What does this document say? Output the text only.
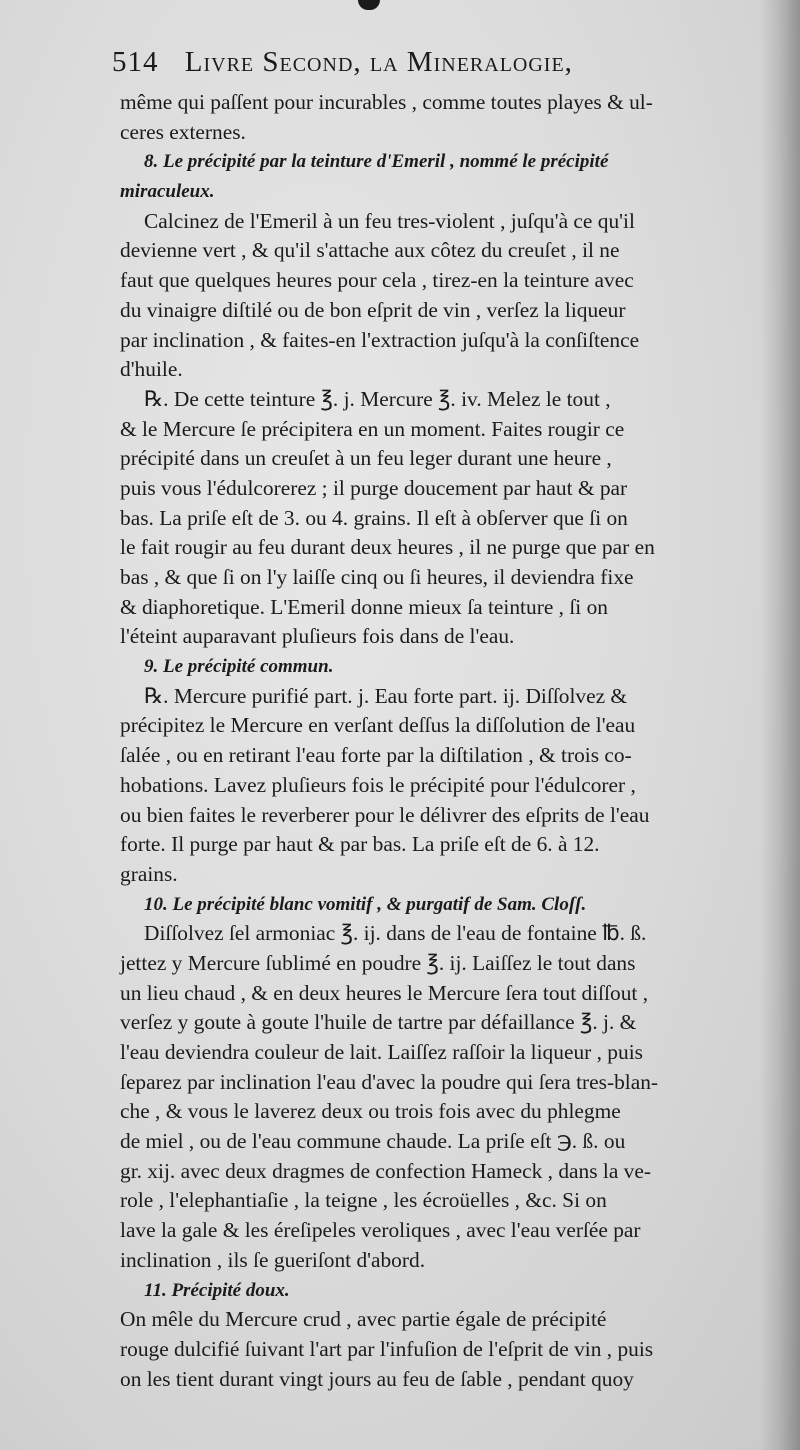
514 Livre Second, la Mineralogie,
même qui paſſent pour incurables , comme toutes playes & ul-
ceres externes.
8. Le précipité par la teinture d'Emeril , nommé le précipité
miraculeux.
Calcinez de l'Emeril à un feu tres-violent , juſqu'à ce qu'il
devienne vert , & qu'il s'attache aux côtez du creuſet , il ne
faut que quelques heures pour cela , tirez-en la teinture avec
du vinaigre diſtilé ou de bon eſprit de vin , verſez la liqueur
par inclination , & faites-en l'extraction juſqu'à la conſiſtence
d'huile.
℞. De cette teinture ℥. j. Mercure ℥. iv. Melez le tout ,
& le Mercure ſe précipitera en un moment. Faites rougir ce
précipité dans un creuſet à un feu leger durant une heure ,
puis vous l'édulcorerez ; il purge doucement par haut & par
bas. La priſe eſt de 3. ou 4. grains. Il eſt à obſerver que ſi on
le fait rougir au feu durant deux heures , il ne purge que par en
bas , & que ſi on l'y laiſſe cinq ou ſi heures, il deviendra fixe
& diaphoretique. L'Emeril donne mieux ſa teinture , ſi on
l'éteint auparavant pluſieurs fois dans de l'eau.
9. Le précipité commun.
℞. Mercure purifié part. j. Eau forte part. ij. Diſſolvez &
précipitez le Mercure en verſant deſſus la diſſolution de l'eau
ſalée , ou en retirant l'eau forte par la diſtilation , & trois co-
hobations. Lavez pluſieurs fois le précipité pour l'édulcorer ,
ou bien faites le reverberer pour le délivrer des eſprits de l'eau
forte. Il purge par haut & par bas. La priſe eſt de 6. à 12.
grains.
10. Le précipité blanc vomitif , & purgatif de Sam. Cloſſ.
Diſſolvez ſel armoniac ℥. ij. dans de l'eau de fontaine ℔. ß.
jettez y Mercure ſublimé en poudre ℥. ij. Laiſſez le tout dans
un lieu chaud , & en deux heures le Mercure ſera tout diſſout ,
verſez y goute à goute l'huile de tartre par défaillance ℥. j. &
l'eau deviendra couleur de lait. Laiſſez raſſoir la liqueur , puis
ſeparez par inclination l'eau d'avec la poudre qui ſera tres-blan-
che , & vous le laverez deux ou trois fois avec du phlegme
de miel , ou de l'eau commune chaude. La priſe eſt ℈. ß. ou
gr. xij. avec deux dragmes de confection Hameck , dans la ve-
role , l'elephantiaſie , la teigne , les écroüelles , &c. Si on
lave la gale & les éreſipeles veroliques , avec l'eau verſée par
inclination , ils ſe gueriſont d'abord.
11. Précipité doux.
On mêle du Mercure crud , avec partie égale de précipité
rouge dulcifié ſuivant l'art par l'infuſion de l'eſprit de vin , puis
on les tient durant vingt jours au feu de ſable , pendant quoy
